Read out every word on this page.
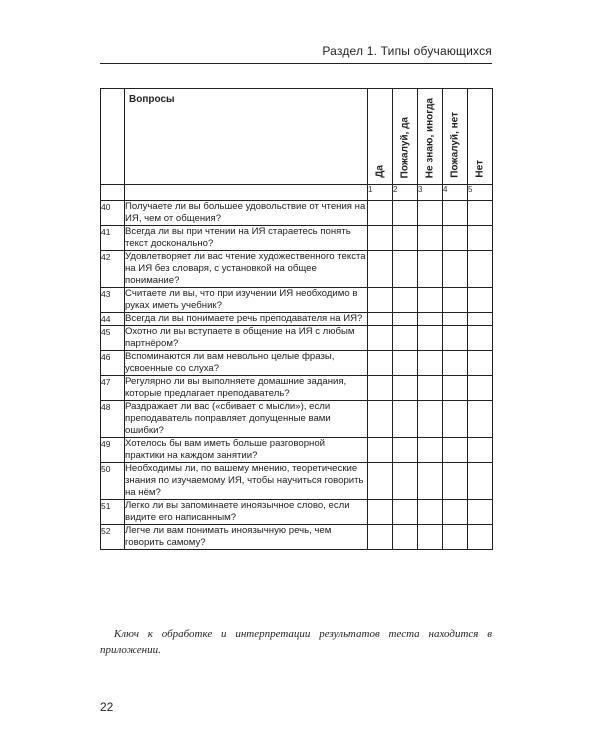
Раздел 1. Типы обучающихся
	Вопросы	Да	Пожалуй, да	Не знаю, иногда	Пожалуй, нет	Нет

		1	2	3	4	5
40	Получаете ли вы большее удовольствие от чтения на ИЯ, чем от общения?					
41	Всегда ли вы при чтении на ИЯ стараетесь понять текст досконально?					
42	Удовлетворяет ли вас чтение художественного текста на ИЯ без словаря, с установкой на общее понимание?					
43	Считаете ли вы, что при изучении ИЯ необходимо в руках иметь учебник?					
44	Всегда ли вы понимаете речь преподавателя на ИЯ?					
45	Охотно ли вы вступаете в общение на ИЯ с любым партнёром?					
46	Вспоминаются ли вам невольно целые фразы, усвоенные со слуха?					
47	Регулярно ли вы выполняете домашние задания, которые предлагает преподаватель?					
48	Раздражает ли вас («сбивает с мысли»), если преподаватель поправляет допущенные вами ошибки?					
49	Хотелось бы вам иметь больше разговорной практики на каждом занятии?					
50	Необходимы ли, по вашему мнению, теоретические знания по изучаемому ИЯ, чтобы научиться говорить на нём?					
51	Легко ли вы запоминаете иноязычное слово, если видите его написанным?					
52	Легче ли вам понимать иноязычную речь, чем говорить самому?					
Ключ к обработке и интерпретации результатов теста находится в приложении.
22
